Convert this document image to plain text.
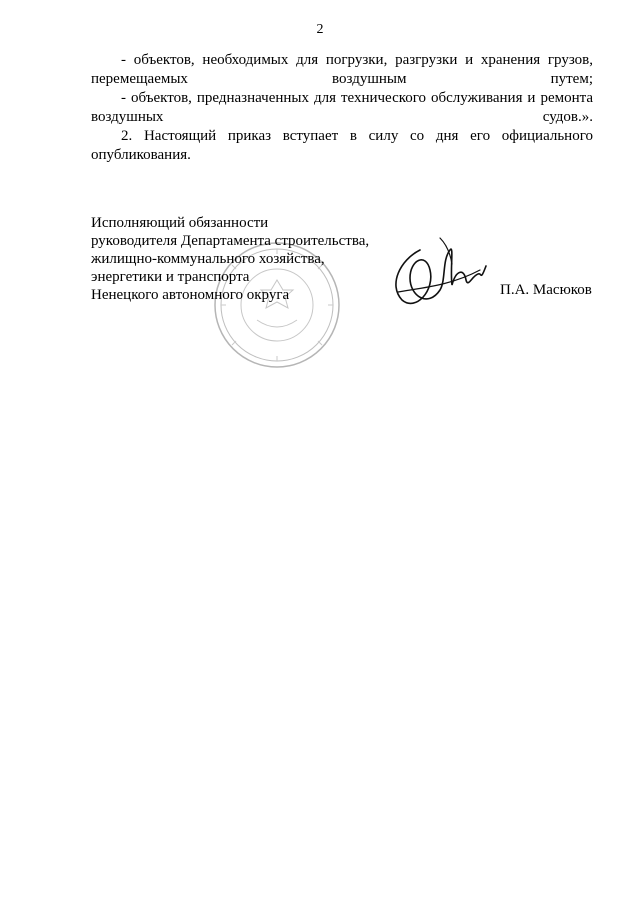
2

- объектов, необходимых для погрузки, разгрузки и хранения грузов, перемещаемых воздушным путем;

- объектов, предназначенных для технического обслуживания и ремонта воздушных судов.».

2. Настоящий приказ вступает в силу со дня его официального опубликования.

Исполняющий обязанности
руководителя Департамента строительства,
жилищно-коммунального хозяйства,
энергетики и транспорта
Ненецкого автономного округа	П.А. Масюков
